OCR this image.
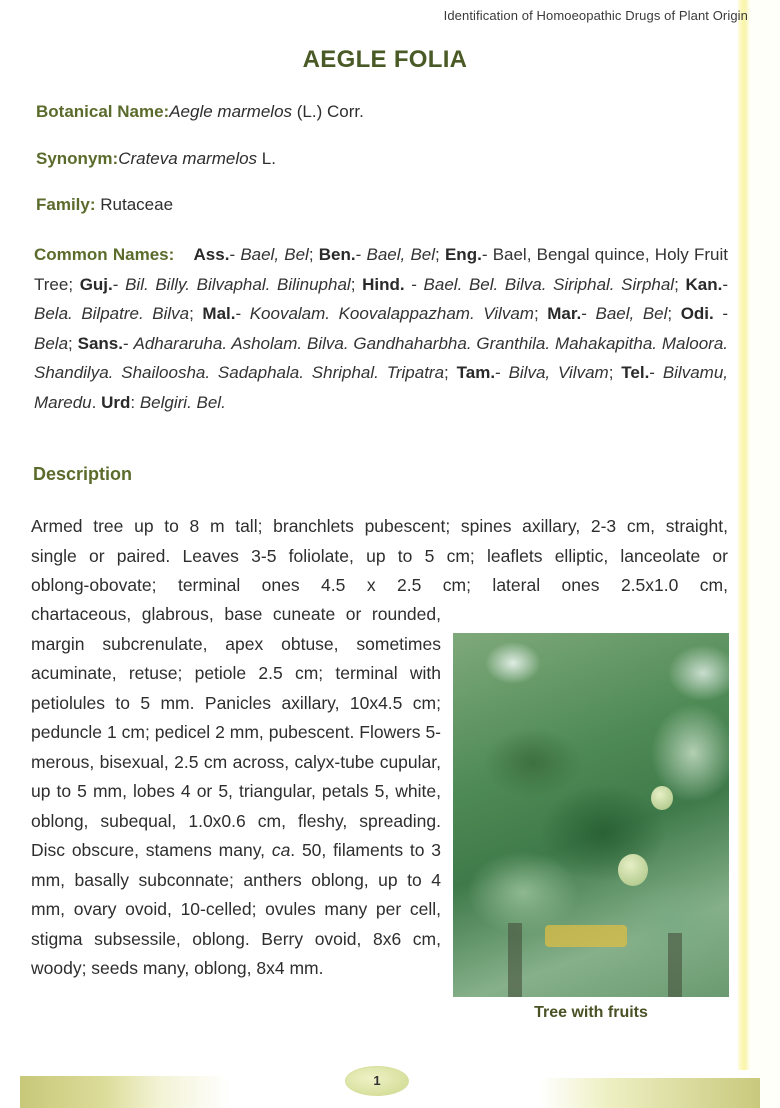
Identification of Homoeopathic Drugs of Plant Origin
AEGLE FOLIA
Botanical Name:Aegle marmelos (L.) Corr.
Synonym:Crateva marmelos L.
Family: Rutaceae
Common Names: Ass.- Bael, Bel; Ben.- Bael, Bel; Eng.- Bael, Bengal quince, Holy Fruit Tree; Guj.- Bil. Billy. Bilvaphal. Bilinuphal; Hind. - Bael. Bel. Bilva. Siriphal. Sirphal; Kan.- Bela. Bilpatre. Bilva; Mal.- Koovalam. Koovalappazham. Vilvam; Mar.- Bael, Bel; Odi. - Bela; Sans.- Adhararuha. Asholam. Bilva. Gandhaharbha. Granthila. Mahakapitha. Maloora. Shandilya. Shailoosha. Sadaphala. Shriphal. Tripatra; Tam.- Bilva, Vilvam; Tel.- Bilvamu, Maredu. Urd: Belgiri. Bel.
Description
Armed tree up to 8 m tall; branchlets pubescent; spines axillary, 2-3 cm, straight,
single or paired. Leaves 3-5 foliolate, up to 5 cm; leaflets elliptic, lanceolate or
oblong-obovate; terminal ones 4.5 x 2.5 cm; lateral ones 2.5x1.0 cm,
chartaceous, glabrous, base cuneate or rounded, margin subcrenulate, apex obtuse, sometimes acuminate, retuse; petiole 2.5 cm; terminal with petiolules to 5 mm. Panicles axillary, 10x4.5 cm; peduncle 1 cm; pedicel 2 mm, pubescent. Flowers 5-merous, bisexual, 2.5 cm across, calyx-tube cupular, up to 5 mm, lobes 4 or 5, triangular, petals 5, white, oblong, subequal, 1.0x0.6 cm, fleshy, spreading. Disc obscure, stamens many, ca. 50, filaments to 3 mm, basally subconnate; anthers oblong, up to 4 mm, ovary ovoid, 10-celled; ovules many per cell, stigma subsessile, oblong. Berry ovoid, 8x6 cm, woody; seeds many, oblong, 8x4 mm.
Tree with fruits
1
